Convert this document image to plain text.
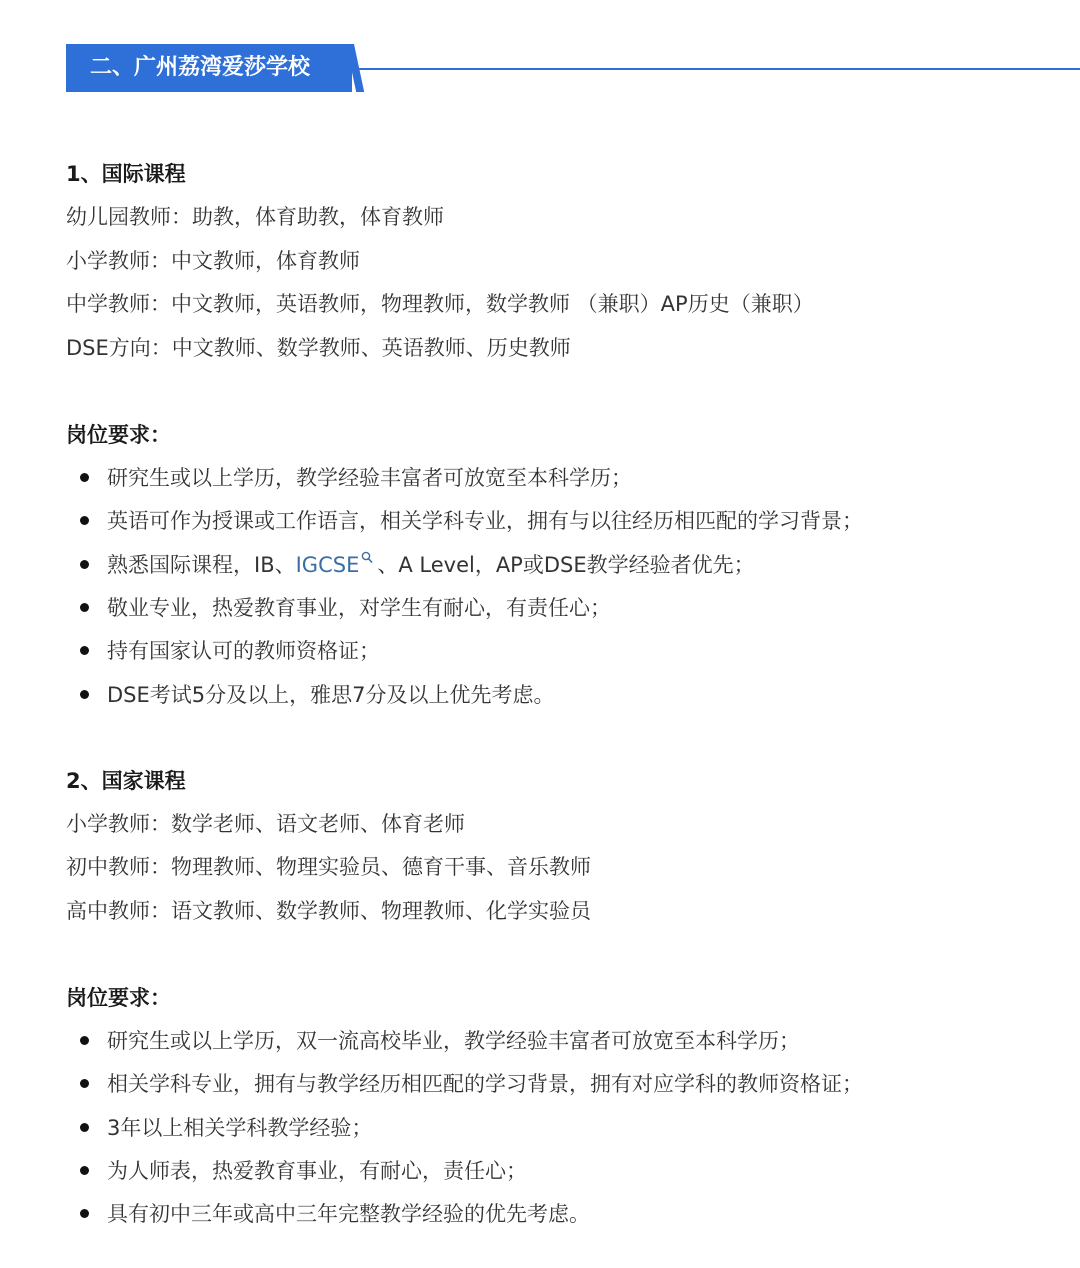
二、广州荔湾爱莎学校
1、国际课程
幼儿园教师：助教，体育助教，体育教师
小学教师：中文教师，体育教师
中学教师：中文教师，英语教师，物理教师，数学教师 （兼职）AP历史（兼职）
DSE方向：中文教师、数学教师、英语教师、历史教师
岗位要求：
研究生或以上学历，教学经验丰富者可放宽至本科学历；
英语可作为授课或工作语言，相关学科专业，拥有与以往经历相匹配的学习背景；
熟悉国际课程，IB、IGCSE 、A Level，AP或DSE教学经验者优先；
敬业专业，热爱教育事业，对学生有耐心，有责任心；
持有国家认可的教师资格证；
DSE考试5分及以上，雅思7分及以上优先考虑。
2、国家课程
小学教师：数学老师、语文老师、体育老师
初中教师：物理教师、物理实验员、德育干事、音乐教师
高中教师：语文教师、数学教师、物理教师、化学实验员
岗位要求：
研究生或以上学历，双一流高校毕业，教学经验丰富者可放宽至本科学历；
相关学科专业，拥有与教学经历相匹配的学习背景，拥有对应学科的教师资格证；
3年以上相关学科教学经验；
为人师表，热爱教育事业，有耐心，责任心；
具有初中三年或高中三年完整教学经验的优先考虑。
